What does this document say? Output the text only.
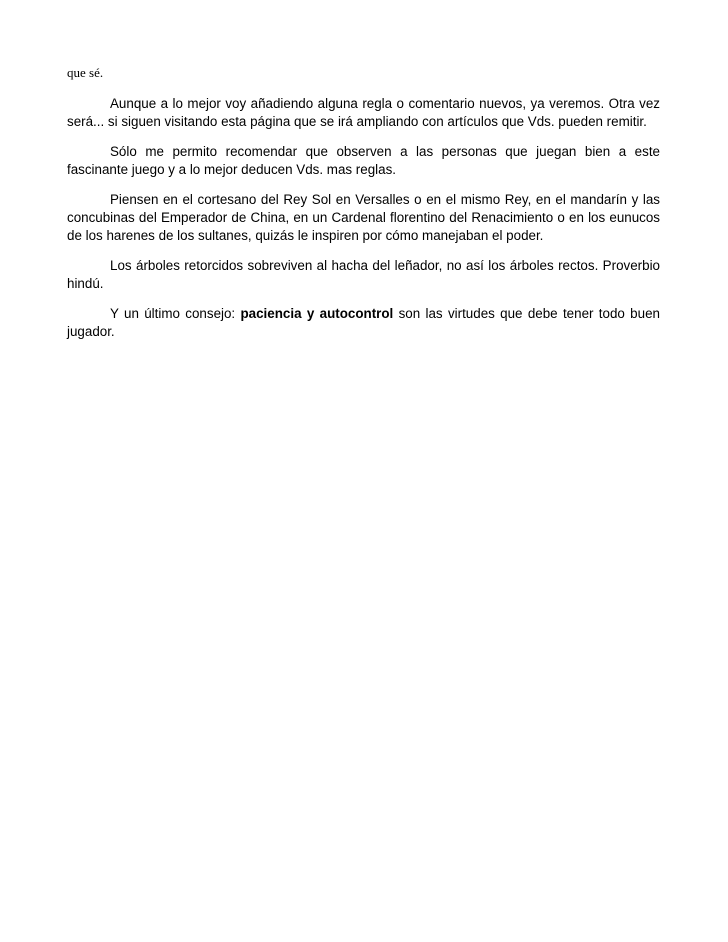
que sé.

Aunque a lo mejor voy añadiendo alguna regla o comentario nuevos, ya veremos. Otra vez será... si siguen visitando esta página que se irá ampliando con artículos que Vds. pueden remitir.

Sólo me permito recomendar que observen a las personas que juegan bien a este fascinante juego y a lo mejor deducen Vds. mas reglas.

Piensen en el cortesano del Rey Sol en Versalles o en el mismo Rey, en el mandarín y las concubinas del Emperador de China, en un Cardenal florentino del Renacimiento o en los eunucos de los harenes de los sultanes, quizás le inspiren por cómo manejaban el poder.

Los árboles retorcidos sobreviven al hacha del leñador, no así los árboles rectos. Proverbio hindú.

Y un último consejo: paciencia y autocontrol son las virtudes que debe tener todo buen jugador.
